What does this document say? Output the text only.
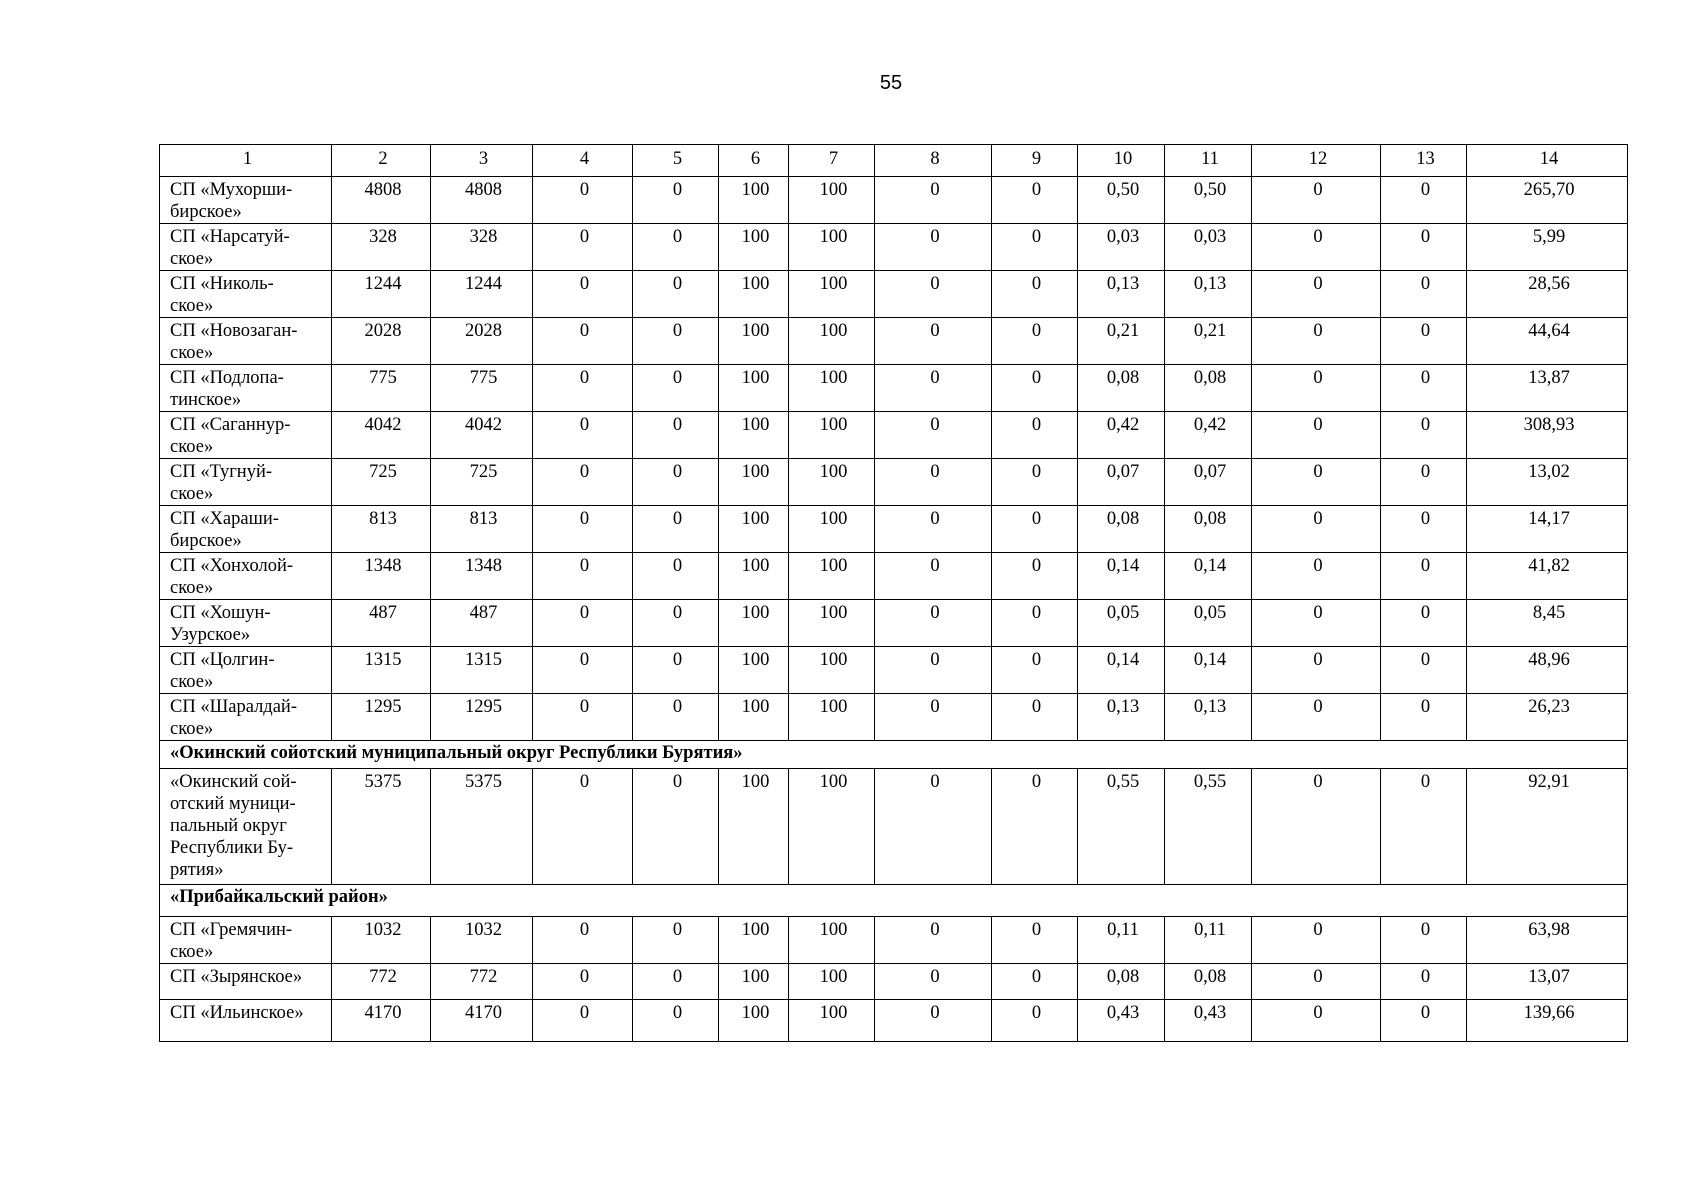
55
1	2	3	4	5	6	7	8	9	10	11	12	13	14

СП «Мухорши-
бирское»	4808	4808	0	0	100	100	0	0	0,50	0,50	0	0	265,70

СП «Нарсатуй-
ское»	328	328	0	0	100	100	0	0	0,03	0,03	0	0	5,99

СП «Николь-
ское»	1244	1244	0	0	100	100	0	0	0,13	0,13	0	0	28,56

СП «Новозаган-
ское»	2028	2028	0	0	100	100	0	0	0,21	0,21	0	0	44,64

СП «Подлопа-
тинское»	775	775	0	0	100	100	0	0	0,08	0,08	0	0	13,87

СП «Саганнур-
ское»	4042	4042	0	0	100	100	0	0	0,42	0,42	0	0	308,93

СП «Тугнуй-
ское»	725	725	0	0	100	100	0	0	0,07	0,07	0	0	13,02

СП «Хараши-
бирское»	813	813	0	0	100	100	0	0	0,08	0,08	0	0	14,17

СП «Хонхолой-
ское»	1348	1348	0	0	100	100	0	0	0,14	0,14	0	0	41,82

СП «Хошун-
Узурское»	487	487	0	0	100	100	0	0	0,05	0,05	0	0	8,45

СП «Цолгин-
ское»	1315	1315	0	0	100	100	0	0	0,14	0,14	0	0	48,96

СП «Шаралдай-
ское»	1295	1295	0	0	100	100	0	0	0,13	0,13	0	0	26,23
«Окинский сойотский муниципальный округ Республики Бурятия»													

«Окинский сой-
отский муници-
пальный округ
Республики Бу-
рятия»	5375	5375	0	0	100	100	0	0	0,55	0,55	0	0	92,91
«Прибайкальский район»													

СП «Гремячин-
ское»	1032	1032	0	0	100	100	0	0	0,11	0,11	0	0	63,98

СП «Зырянское»	772	772	0	0	100	100	0	0	0,08	0,08	0	0	13,07

СП «Ильинское»	4170	4170	0	0	100	100	0	0	0,43	0,43	0	0	139,66
